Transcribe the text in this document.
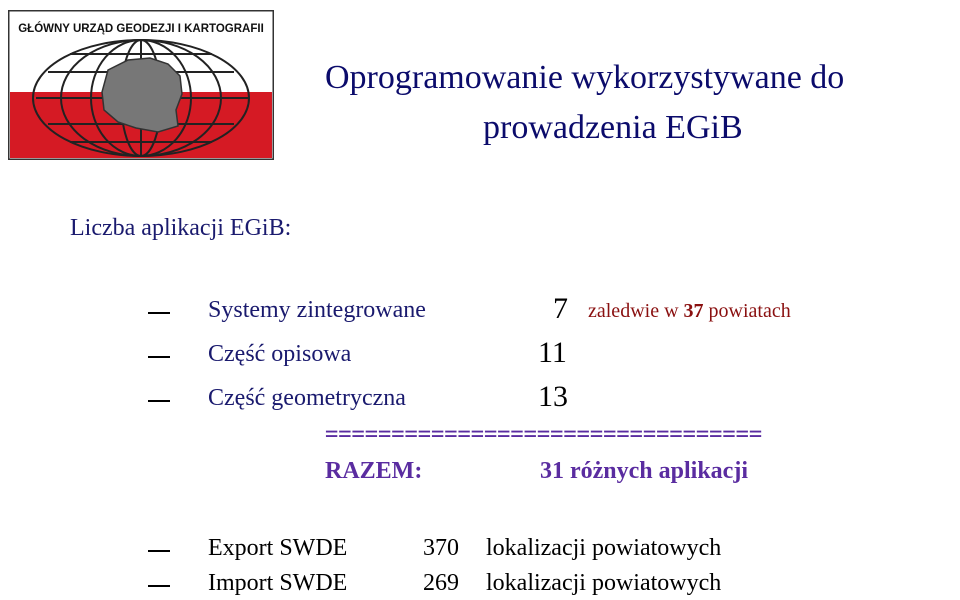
GŁÓWNY URZĄD GEODEZJI I KARTOGRAFII
Oprogramowanie wykorzystywane do
prowadzenia EGiB
Liczba aplikacji EGiB:
Systemy zintegrowane	7 zaledwie w 37 powiatach
Część opisowa	11
Część geometryczna	13
=================================
RAZEM:	31 różnych aplikacji
Export SWDE	370 lokalizacji powiatowych
Import SWDE	269 lokalizacji powiatowych
